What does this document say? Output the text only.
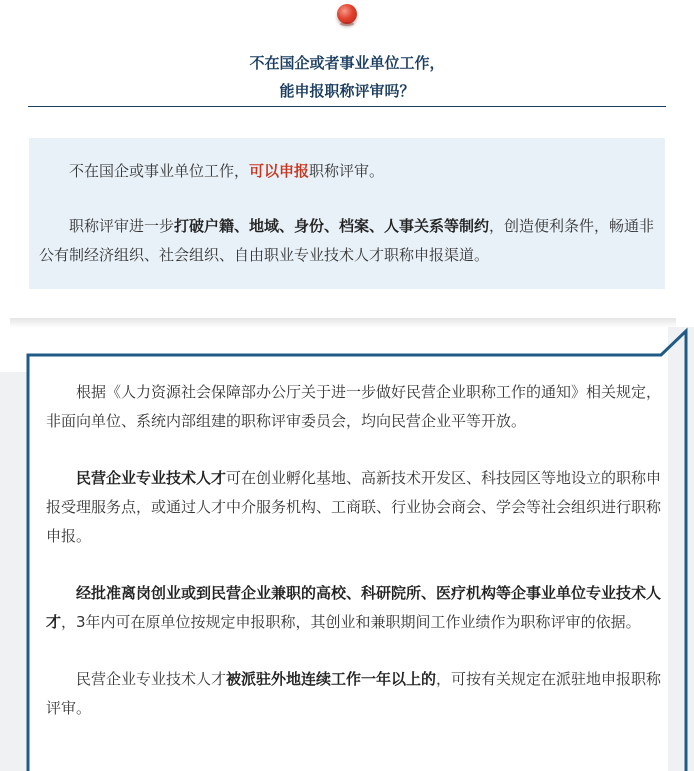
不在国企或者事业单位工作，
能申报职称评审吗？

不在国企或事业单位工作，可以申报职称评审。

职称评审进一步打破户籍、地域、身份、档案、人事关系等制约，创造便利条件，畅通非公有制经济组织、社会组织、自由职业专业技术人才职称申报渠道。

根据《人力资源社会保障部办公厅关于进一步做好民营企业职称工作的通知》相关规定，非面向单位、系统内部组建的职称评审委员会，均向民营企业平等开放。

民营企业专业技术人才可在创业孵化基地、高新技术开发区、科技园区等地设立的职称申报受理服务点，或通过人才中介服务机构、工商联、行业协会商会、学会等社会组织进行职称申报。

经批准离岗创业或到民营企业兼职的高校、科研院所、医疗机构等企事业单位专业技术人才，3年内可在原单位按规定申报职称，其创业和兼职期间工作业绩作为职称评审的依据。

民营企业专业技术人才被派驻外地连续工作一年以上的，可按有关规定在派驻地申报职称评审。
